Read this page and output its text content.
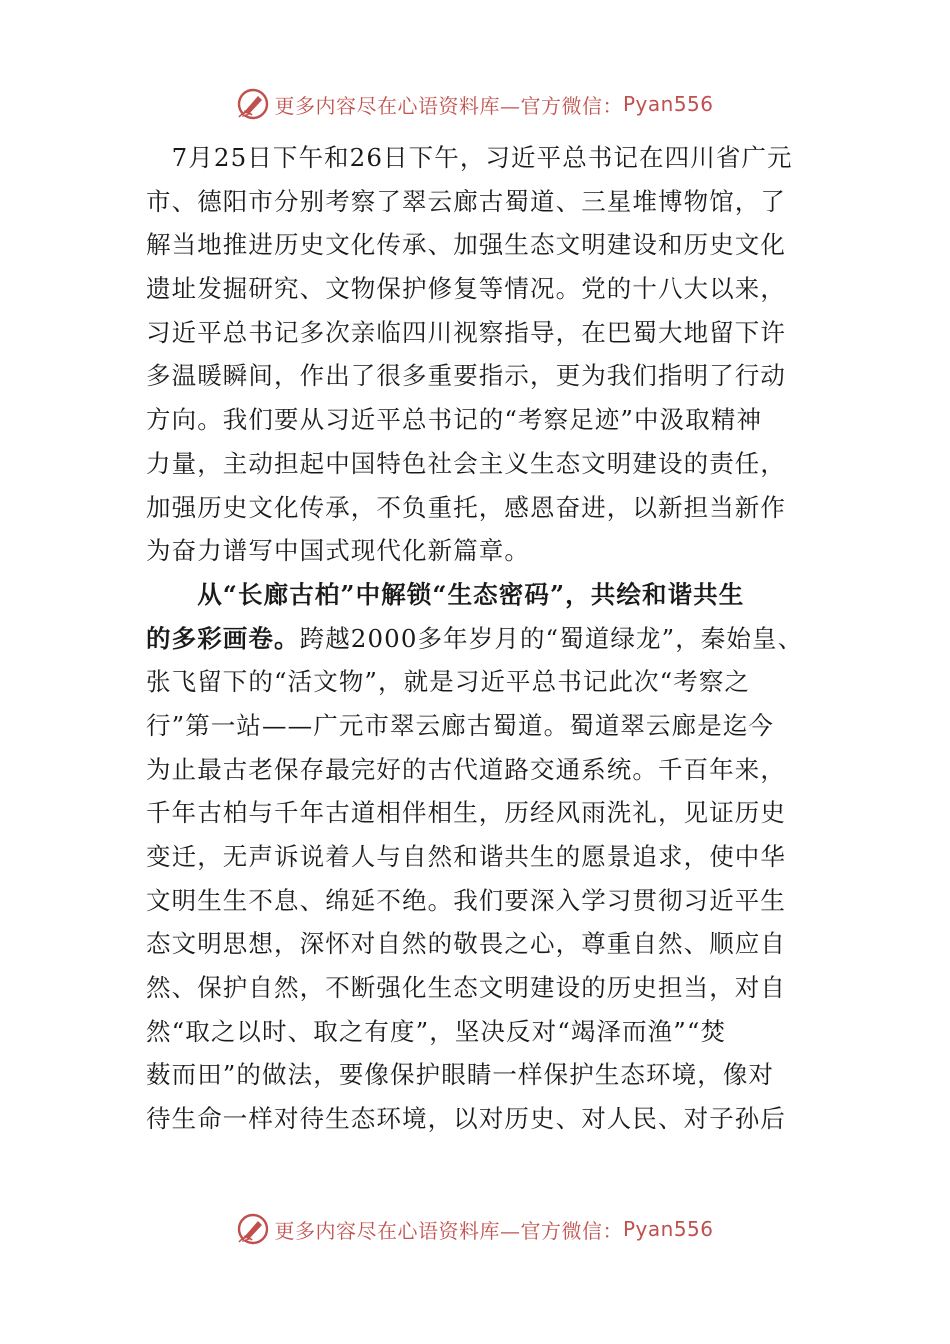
更多内容尽在心语资料库—官方微信： Pyan556
　7月25日下午和26日下午，习近平总书记在四川省广元
市、德阳市分别考察了翠云廊古蜀道、三星堆博物馆，了
解当地推进历史文化传承、加强生态文明建设和历史文化
遗址发掘研究、文物保护修复等情况。党的十八大以来，
习近平总书记多次亲临四川视察指导，在巴蜀大地留下许
多温暖瞬间，作出了很多重要指示，更为我们指明了行动
方向。我们要从习近平总书记的“考察足迹”中汲取精神
力量，主动担起中国特色社会主义生态文明建设的责任，
加强历史文化传承，不负重托，感恩奋进，以新担当新作
为奋力谱写中国式现代化新篇章。
　　从“长廊古柏”中解锁“生态密码”，共绘和谐共生
的多彩画卷。跨越2000多年岁月的“蜀道绿龙”，秦始皇、
张飞留下的“活文物”，就是习近平总书记此次“考察之
行”第一站——广元市翠云廊古蜀道。蜀道翠云廊是迄今
为止最古老保存最完好的古代道路交通系统。千百年来，
千年古柏与千年古道相伴相生，历经风雨洗礼，见证历史
变迁，无声诉说着人与自然和谐共生的愿景追求，使中华
文明生生不息、绵延不绝。我们要深入学习贯彻习近平生
态文明思想，深怀对自然的敬畏之心，尊重自然、顺应自
然、保护自然，不断强化生态文明建设的历史担当，对自
然“取之以时、取之有度”，坚决反对“竭泽而渔”“焚
薮而田”的做法，要像保护眼睛一样保护生态环境，像对
待生命一样对待生态环境，以对历史、对人民、对子孙后
更多内容尽在心语资料库—官方微信： Pyan556
